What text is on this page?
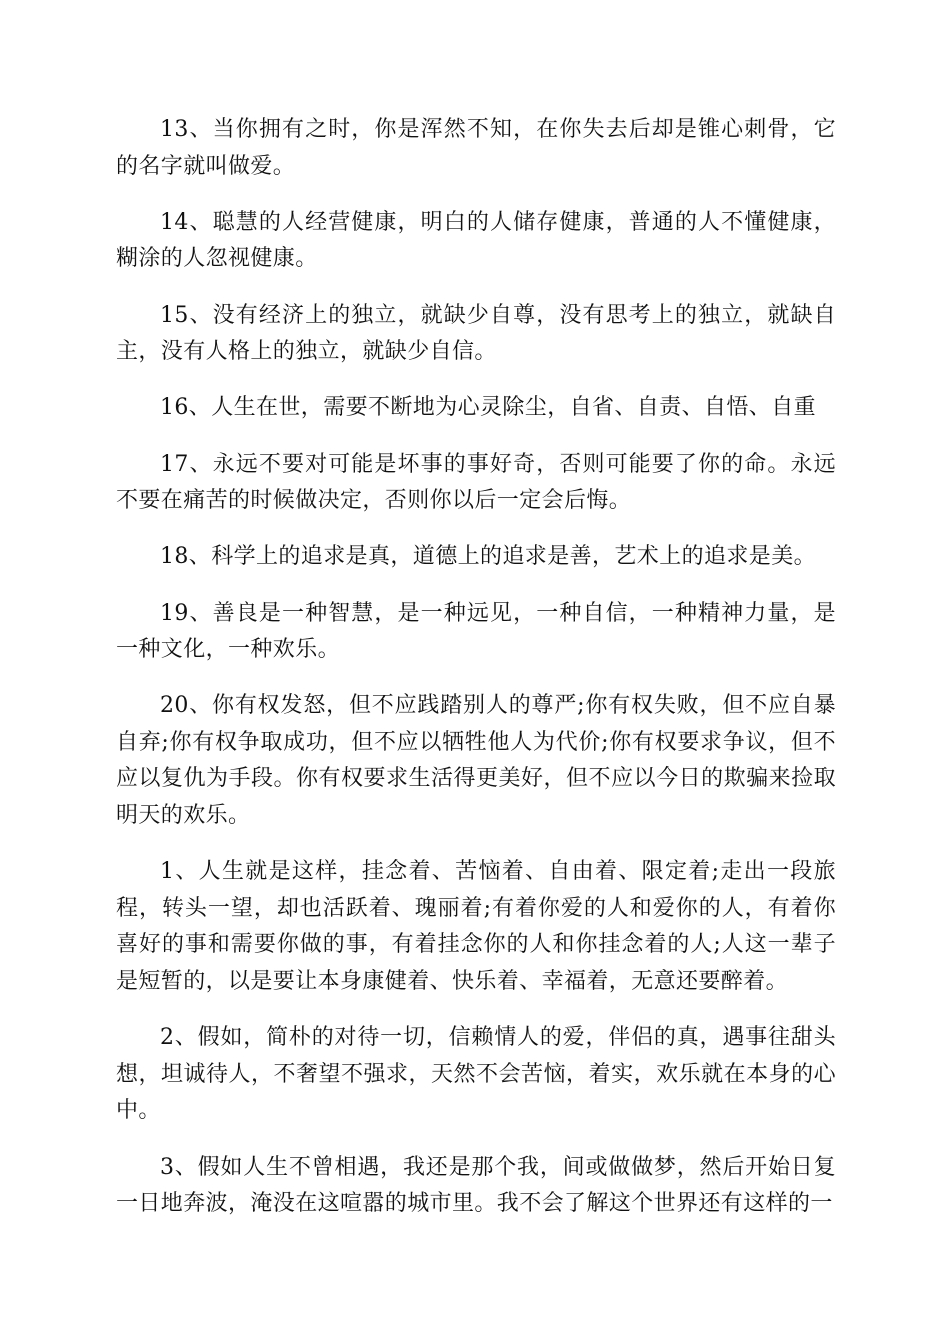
13、当你拥有之时，你是浑然不知，在你失去后却是锥心刺骨，它的名字就叫做爱。

14、聪慧的人经营健康，明白的人储存健康，普通的人不懂健康，糊涂的人忽视健康。

15、没有经济上的独立，就缺少自尊，没有思考上的独立，就缺自主，没有人格上的独立，就缺少自信。

16、人生在世，需要不断地为心灵除尘，自省、自责、自悟、自重

17、永远不要对可能是坏事的事好奇，否则可能要了你的命。永远不要在痛苦的时候做决定，否则你以后一定会后悔。

18、科学上的追求是真，道德上的追求是善，艺术上的追求是美。

19、善良是一种智慧，是一种远见，一种自信，一种精神力量，是一种文化，一种欢乐。

20、你有权发怒，但不应践踏别人的尊严;你有权失败，但不应自暴自弃;你有权争取成功，但不应以牺牲他人为代价;你有权要求争议，但不应以复仇为手段。你有权要求生活得更美好，但不应以今日的欺骗来捡取明天的欢乐。

1、人生就是这样，挂念着、苦恼着、自由着、限定着;走出一段旅程，转头一望，却也活跃着、瑰丽着;有着你爱的人和爱你的人，有着你喜好的事和需要你做的事，有着挂念你的人和你挂念着的人;人这一辈子是短暂的，以是要让本身康健着、快乐着、幸福着，无意还要醉着。

2、假如，简朴的对待一切，信赖情人的爱，伴侣的真，遇事往甜头想，坦诚待人，不奢望不强求，天然不会苦恼，着实，欢乐就在本身的心中。

3、假如人生不曾相遇，我还是那个我，间或做做梦，然后开始日复一日地奔波，淹没在这喧嚣的城市里。我不会了解这个世界还有这样的一
